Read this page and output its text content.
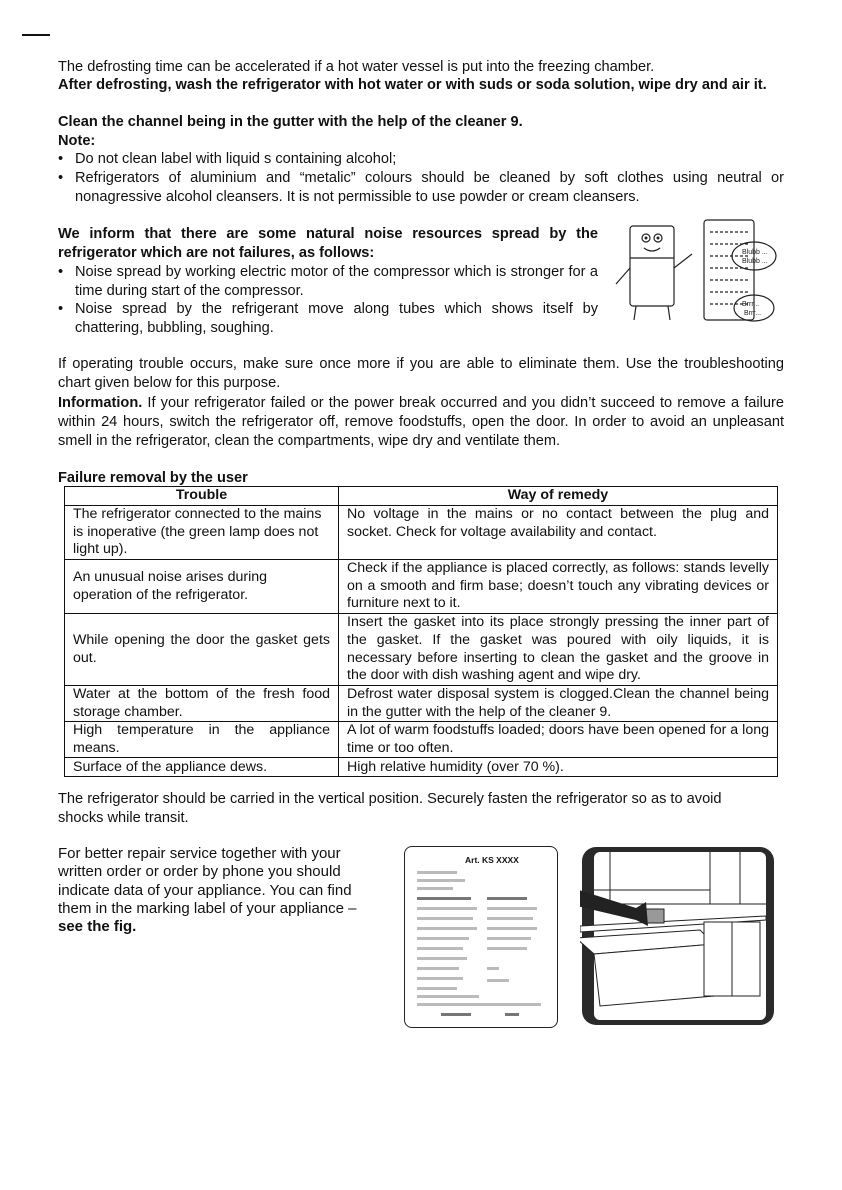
The defrosting time can be accelerated if a hot water vessel is put into the freezing chamber.

After defrosting, wash the refrigerator with hot water or with suds or soda solution, wipe dry and air it.

Clean the channel being in the gutter with the help of the cleaner 9.

Note:

• Do not clean label with liquid s containing alcohol;
• Refrigerators of aluminium and “metalic” colours should be cleaned by soft clothes using neutral or nonagressive alcohol cleansers. It is not permissible to use powder or cream cleansers.

We inform that there are some natural noise resources spread by the refrigerator which are not failures, as follows:

• Noise spread by working electric motor of the compressor which is stronger for a time during start of the compressor.
• Noise spread by the refrigerant move along tubes which shows itself by chattering, bubbling, soughing.
Blubb ...
Blubb ...
Brrr...
Brrr...

If operating trouble occurs, make sure once more if you are able to eliminate them. Use the troubleshooting chart given below for this purpose.

Information. If your refrigerator failed or the power break occurred and you didn’t succeed to remove a failure within 24 hours, switch the refrigerator off, remove foodstuffs, open the door. In order to avoid an unpleasant smell in the refrigerator, clean the compartments, wipe dry and ventilate them.

Failure removal by the user

Trouble	Way of remedy
The refrigerator connected to the mains is inoperative (the green lamp does not light up).	No voltage in the mains or no contact between the plug and socket. Check for voltage availability and contact.
An unusual noise arises during operation of the refrigerator.	Check if the appliance is placed correctly, as follows: stands levelly on a smooth and firm base; doesn’t touch any vibrating devices or furniture next to it.
While opening the door the gasket gets out.	Insert the gasket into its place strongly pressing the inner part of the gasket. If the gasket was poured with oily liquids, it is necessary before inserting to clean the gasket and the groove in the door with dish washing agent and wipe dry.
Water at the bottom of the fresh food storage chamber.	Defrost water disposal system is clogged.Clean the channel being in the gutter with the help of the cleaner 9.
High temperature in the appliance means.	A lot of warm foodstuffs loaded; doors have been opened for a long time or too often.
Surface of the appliance dews.	High relative humidity (over 70 %).

The refrigerator should be carried in the vertical position. Securely fasten the refrigerator so as to avoid shocks while transit.

For better repair service together with your written order or order by phone you should indicate data of your appliance. You can find them in the marking label of your appliance – see the fig.

Art. KS XXXX
